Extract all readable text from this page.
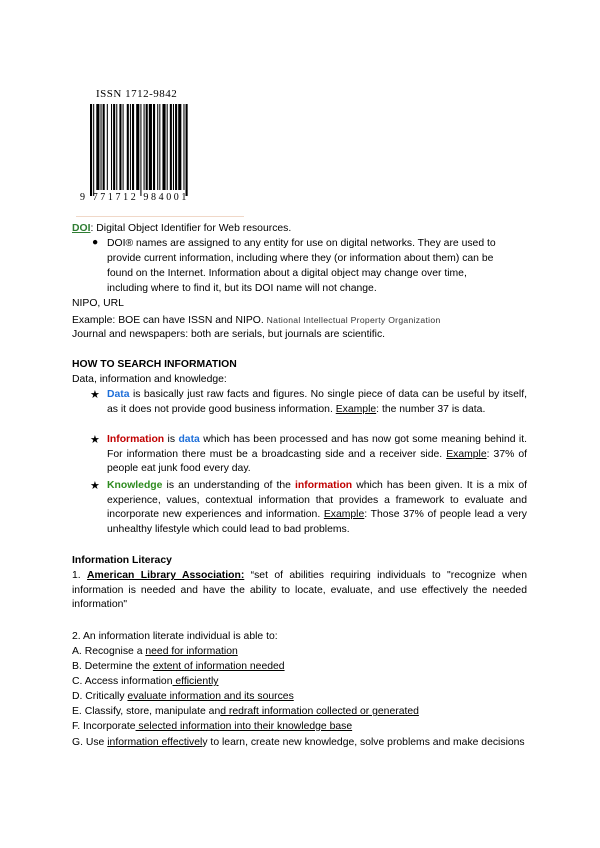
ISSN 1712-9842
9 771712 984001
DOI: Digital Object Identifier for Web resources.
● DOI® names are assigned to any entity for use on digital networks. They are used to
provide current information, including where they (or information about them) can be
found on the Internet. Information about a digital object may change over time,
including where to find it, but its DOI name will not change.
NIPO, URL
Example: BOE can have ISSN and NIPO. National Intellectual Property Organization
Journal and newspapers: both are serials, but journals are scientific.
HOW TO SEARCH INFORMATION
Data, information and knowledge:
★ Data is basically just raw facts and figures. No single piece of data can be useful by itself, as it does not provide good business information. Example: the number 37 is data.
★ Information is data which has been processed and has now got some meaning behind it. For information there must be a broadcasting side and a receiver side. Example: 37% of people eat junk food every day.
★ Knowledge is an understanding of the information which has been given. It is a mix of experience, values, contextual information that provides a framework to evaluate and incorporate new experiences and information. Example: Those 37% of people lead a very unhealthy lifestyle which could lead to bad problems.
Information Literacy
1. American Library Association: “set of abilities requiring individuals to "recognize when information is needed and have the ability to locate, evaluate, and use effectively the needed information"
2. An information literate individual is able to:
A. Recognise a need for information
B. Determine the extent of information needed
C. Access information efficiently
D. Critically evaluate information and its sources
E. Classify, store, manipulate and redraft information collected or generated
F. Incorporate selected information into their knowledge base
G. Use information effectively to learn, create new knowledge, solve problems and make decisions
